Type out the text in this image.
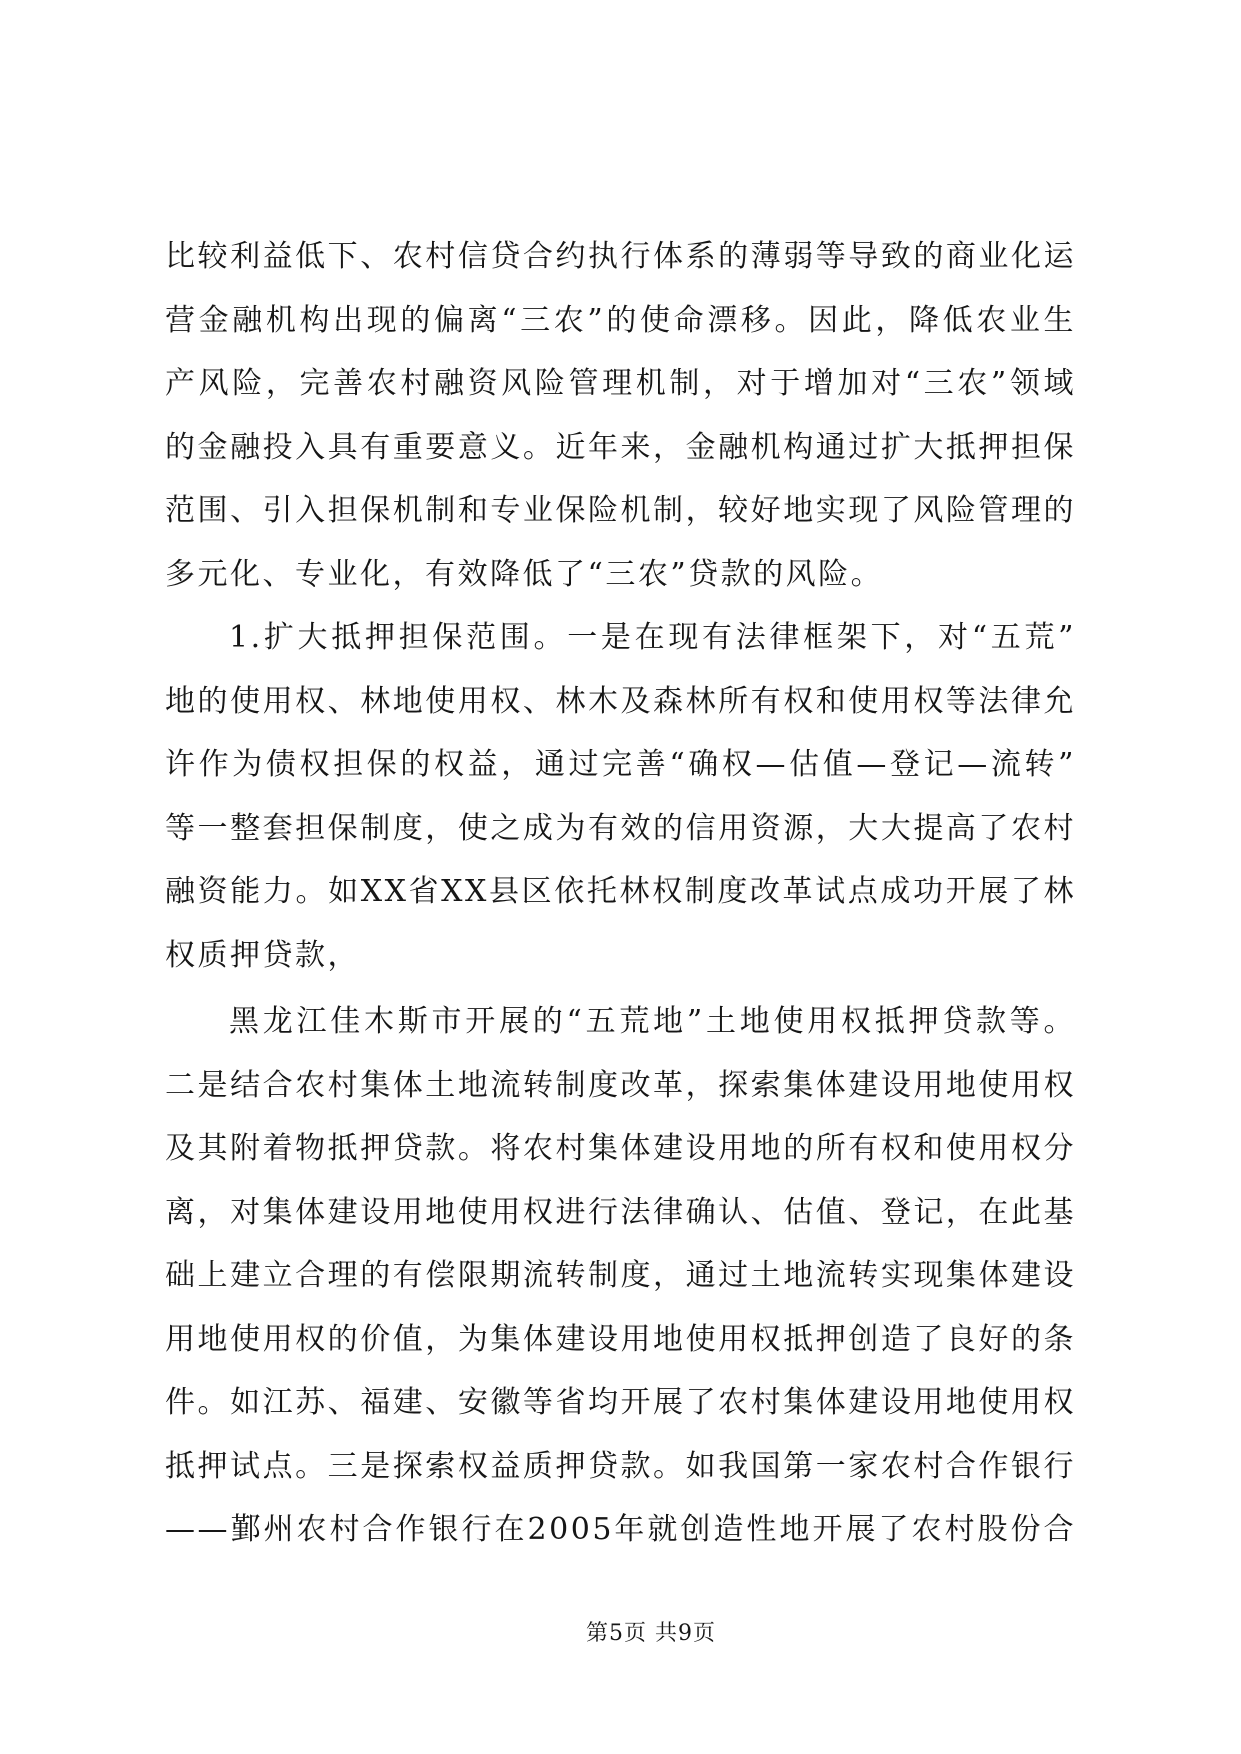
比较利益低下、农村信贷合约执行体系的薄弱等导致的商业化运
营金融机构出现的偏离“三农”的使命漂移。因此，降低农业生
产风险，完善农村融资风险管理机制，对于增加对“三农”领域
的金融投入具有重要意义。近年来，金融机构通过扩大抵押担保
范围、引入担保机制和专业保险机制，较好地实现了风险管理的
多元化、专业化，有效降低了“三农”贷款的风险。
1.扩大抵押担保范围。一是在现有法律框架下，对“五荒”
地的使用权、林地使用权、林木及森林所有权和使用权等法律允
许作为债权担保的权益，通过完善“确权—估值—登记—流转”
等一整套担保制度，使之成为有效的信用资源，大大提高了农村
融资能力。如XX省XX县区依托林权制度改革试点成功开展了林
权质押贷款，
黑龙江佳木斯市开展的“五荒地”土地使用权抵押贷款等。
二是结合农村集体土地流转制度改革，探索集体建设用地使用权
及其附着物抵押贷款。将农村集体建设用地的所有权和使用权分
离，对集体建设用地使用权进行法律确认、估值、登记，在此基
础上建立合理的有偿限期流转制度，通过土地流转实现集体建设
用地使用权的价值，为集体建设用地使用权抵押创造了良好的条
件。如江苏、福建、安徽等省均开展了农村集体建设用地使用权
抵押试点。三是探索权益质押贷款。如我国第一家农村合作银行
——鄞州农村合作银行在2005年就创造性地开展了农村股份合
第5页 共9页
